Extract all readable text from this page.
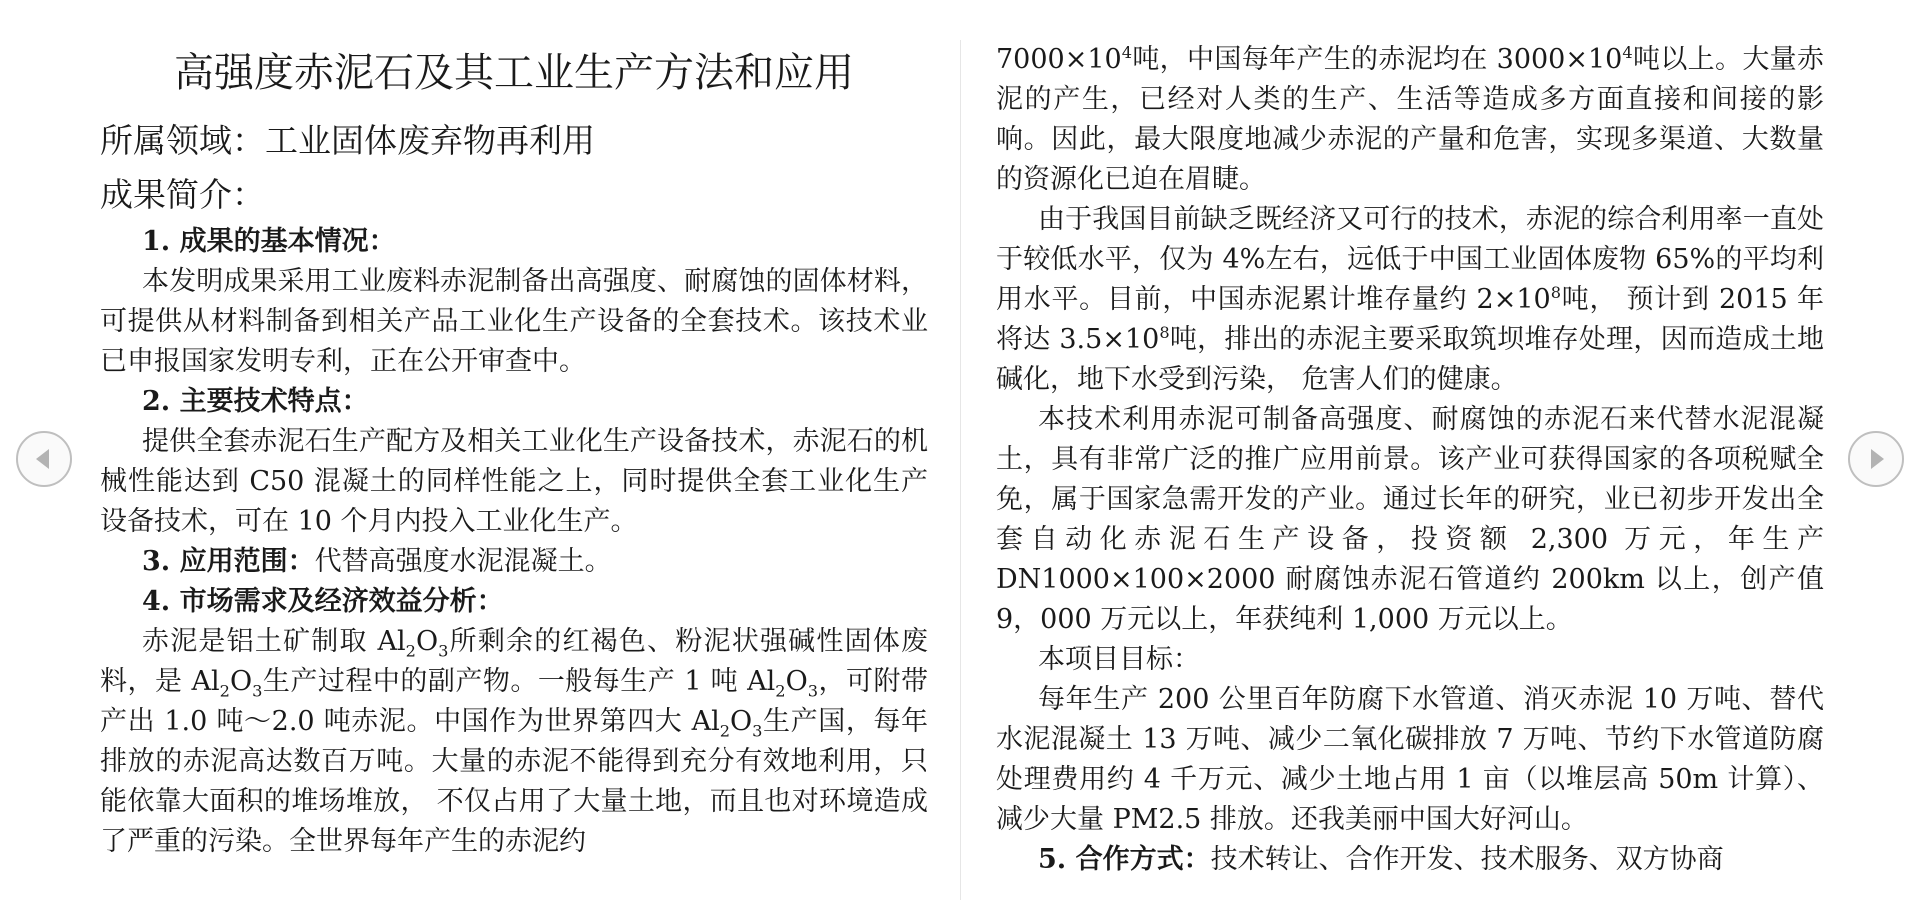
高强度赤泥石及其工业生产方法和应用

所属领域：工业固体废弃物再利用

成果简介：

1. 成果的基本情况：

本发明成果采用工业废料赤泥制备出高强度、耐腐蚀的固体材料，可提供从材料制备到相关产品工业化生产设备的全套技术。该技术业已申报国家发明专利，正在公开审查中。

2. 主要技术特点：

提供全套赤泥石生产配方及相关工业化生产设备技术，赤泥石的机械性能达到 C50 混凝土的同样性能之上，同时提供全套工业化生产设备技术，可在 10 个月内投入工业化生产。

3. 应用范围：代替高强度水泥混凝土。

4. 市场需求及经济效益分析：

赤泥是铝土矿制取 $Al_2O_3$所剩余的红褐色、粉泥状强碱性固体废料，是 $Al_2O_3$生产过程中的副产物。一般每生产 1 吨 $Al_2O_3$，可附带产出 1.0 吨～2.0 吨赤泥。中国作为世界第四大 $Al_2O_3$生产国，每年排放的赤泥高达数百万吨。大量的赤泥不能得到充分有效地利用，只能依靠大面积的堆场堆放， 不仅占用了大量土地，而且也对环境造成了严重的污染。全世界每年产生的赤泥约

$7000\times 10^4$吨，中国每年产生的赤泥均在 $3000\times 10^4$吨以上。大量赤泥的产生，已经对人类的生产、生活等造成多方面直接和间接的影响。因此，最大限度地减少赤泥的产量和危害，实现多渠道、大数量的资源化已迫在眉睫。

由于我国目前缺乏既经济又可行的技术，赤泥的综合利用率一直处于较低水平，仅为 4%左右，远低于中国工业固体废物 65%的平均利用水平。目前，中国赤泥累计堆存量约 $2\times 10^8$吨， 预计到 2015 年将达 $3.5\times 10^8$吨，排出的赤泥主要采取筑坝堆存处理，因而造成土地碱化，地下水受到污染， 危害人们的健康。

本技术利用赤泥可制备高强度、耐腐蚀的赤泥石来代替水泥混凝土，具有非常广泛的推广应用前景。该产业可获得国家的各项税赋全免，属于国家急需开发的产业。通过长年的研究，业已初步开发出全套自动化赤泥石生产设备，投资额 2,300 万元，年生产 DN1000×100×2000 耐腐蚀赤泥石管道约 200km 以上，创产值 9，000 万元以上，年获纯利 1,000 万元以上。

本项目目标：

每年生产 200 公里百年防腐下水管道、消灭赤泥 10 万吨、替代水泥混凝土 13 万吨、减少二氧化碳排放 7 万吨、节约下水管道防腐处理费用约 4 千万元、减少土地占用 1 亩（以堆层高 50m 计算）、减少大量 PM2.5 排放。还我美丽中国大好河山。

5. 合作方式：技术转让、合作开发、技术服务、双方协商
